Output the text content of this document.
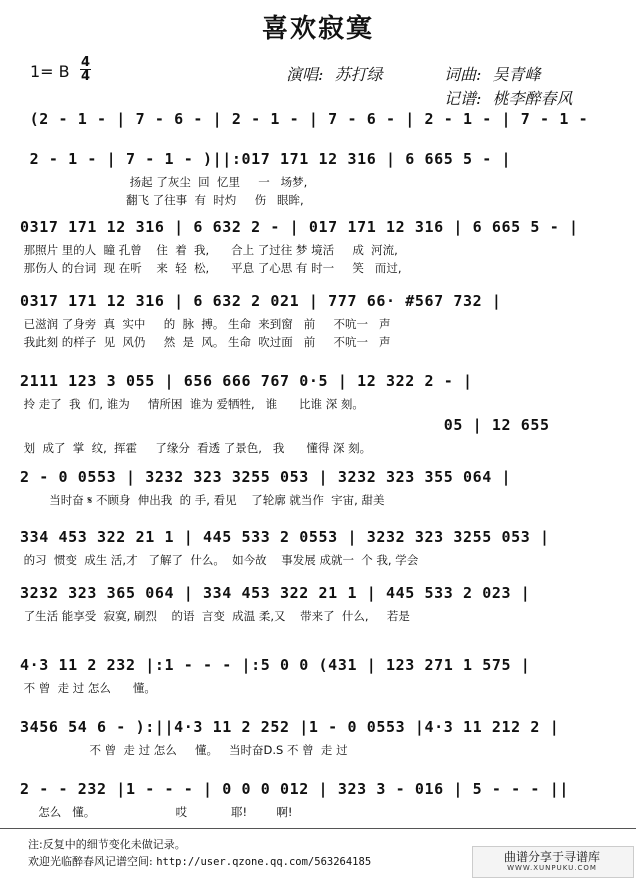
喜欢寂寞
1= B 4
4	演唱: 苏打绿	词曲: 吴青峰
记谱: 桃李醉春风
(2 - 1 - | 7 - 6 - | 2 - 1 - | 7 - 6 - | 2 - 1 - | 7 - 1 -
2 - 1 - | 7 - 1 - )||:017 171 12 316 | 6 665 5 - |
扬起 了灰尘  回  忆里     一   场梦,
翻飞 了往事  有  时灼     伤   眼眸,
0317 171 12 316 | 6 632 2 - | 017 171 12 316 | 6 665 5 - |
那照片 里的人  瞳 孔曾    住  着  我,      合上 了过往 梦 境活     成  河流,
那伤人 的台词  现 在听    来  轻  松,      平息 了心思 有 时一     笑   而过,
0317 171 12 316 | 6 632 2 021 | 777 66· #567 732 |
已滋润 了身旁  真  实中     的  脉  搏。 生命  来到窗   前     不吭一   声
我此刻 的样子  见  风仍     然  是  风。 生命  吹过面   前     不吭一   声
2111 123 3 055 | 656 666 767 0·5 | 12 322 2 - |
拎 走了  我  们, 谁为     情所困  谁为 爱牺牲,   谁      比谁 深 刻。
05 | 12 655
划  成了  掌  纹,  挥霍     了缘分  看透 了景色,   我      懂得 深 刻。
2 - 0 0553 | 3232 323 3255 053 | 3232 323 355 064 |
当时奋 𝄋 不顾身  伸出我  的 手, 看见    了轮廓 就当作  宇宙, 甜美
334 453 322 21 1 | 445 533 2 0553 | 3232 323 3255 053 |
的习  惯变  成生 活,才   了解了  什么。  如今故    事发展 成就一  个 我, 学会
3232 323 365 064 | 334 453 322 21 1 | 445 533 2 023 |
了生活 能享受  寂寞, 刷烈    的语  言变  成温 柔,又    带来了  什么,     若是
4·3 11 2 232 |:1 - - - |:5 0 0 (431 | 123 271 1 575 |
不 曾  走 过 怎么      懂。
3456 54 6 - ):||4·3 11 2 252 |1 - 0 0553 |4·3 11 212 2 |
不 曾  走 过 怎么     懂。   当时奋D.S 不 曾  走 过
2 - - 232 |1 - - - | 0 0 0 012 | 323 3 - 016 | 5 - - - ||
怎么   懂。                      哎            耶!        啊!
注:反复中的细节变化未做记录。
欢迎光临醉春风记谱空间: http://user.qzone.qq.com/563264185	曲谱分享于寻谱库
WWW.XUNPUKU.COM
